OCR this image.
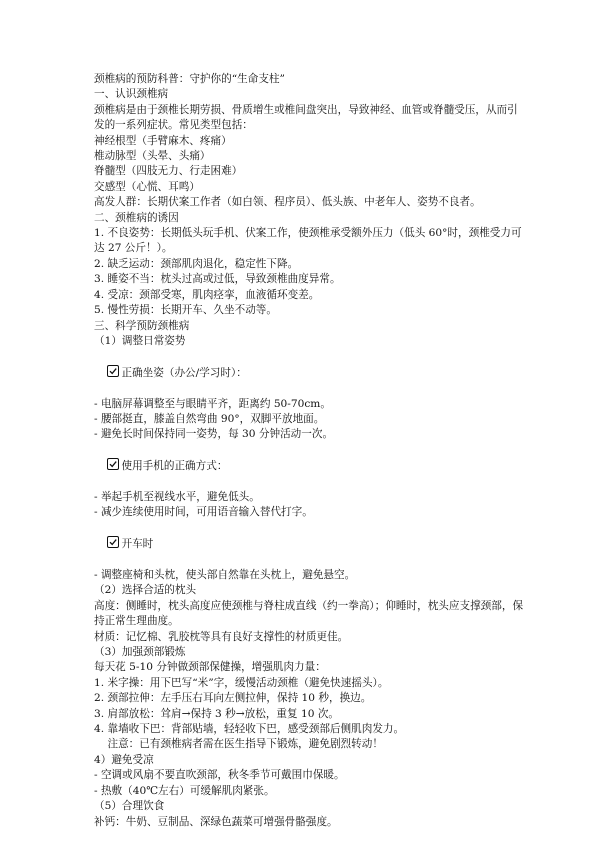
颈椎病的预防科普：守护你的“生命支柱”

一、认识颈椎病

颈椎病是由于颈椎长期劳损、骨质增生或椎间盘突出，导致神经、血管或脊髓受压，从而引发的一系列症状。常见类型包括：

神经根型（手臂麻木、疼痛）

椎动脉型（头晕、头痛）

脊髓型（四肢无力、行走困难）

交感型（心慌、耳鸣）

高发人群：长期伏案工作者（如白领、程序员）、低头族、中老年人、姿势不良者。

二、颈椎病的诱因

1. 不良姿势：长期低头玩手机、伏案工作，使颈椎承受额外压力（低头 60°时，颈椎受力可达 27 公斤！）。

2. 缺乏运动：颈部肌肉退化，稳定性下降。

3. 睡姿不当：枕头过高或过低，导致颈椎曲度异常。

4. 受凉：颈部受寒，肌肉痉挛，血液循环变差。

5. 慢性劳损：长期开车、久坐不动等。

三、科学预防颈椎病

（1）调整日常姿势

正确坐姿（办公/学习时）：

- 电脑屏幕调整至与眼睛平齐，距离约 50-70cm。

- 腰部挺直，膝盖自然弯曲 90°，双脚平放地面。

- 避免长时间保持同一姿势，每 30 分钟活动一次。

使用手机的正确方式：

- 举起手机至视线水平，避免低头。

- 减少连续使用时间，可用语音输入替代打字。

开车时

- 调整座椅和头枕，使头部自然靠在头枕上，避免悬空。

（2）选择合适的枕头

高度：侧睡时，枕头高度应使颈椎与脊柱成直线（约一拳高）；仰睡时，枕头应支撑颈部，保持正常生理曲度。

材质：记忆棉、乳胶枕等具有良好支撑性的材质更佳。

（3）加强颈部锻炼

每天花 5-10 分钟做颈部保健操，增强肌肉力量：

1. 米字操：用下巴写“米”字，缓慢活动颈椎（避免快速摇头）。

2. 颈部拉伸：左手压右耳向左侧拉伸，保持 10 秒，换边。

3. 肩部放松：耸肩→保持 3 秒→放松，重复 10 次。

4. 靠墙收下巴：背部贴墙，轻轻收下巴，感受颈部后侧肌肉发力。

注意：已有颈椎病者需在医生指导下锻炼，避免剧烈转动！

4）避免受凉

- 空调或风扇不要直吹颈部，秋冬季节可戴围巾保暖。

- 热敷（40℃左右）可缓解肌肉紧张。

（5）合理饮食

补钙：牛奶、豆制品、深绿色蔬菜可增强骨骼强度。
